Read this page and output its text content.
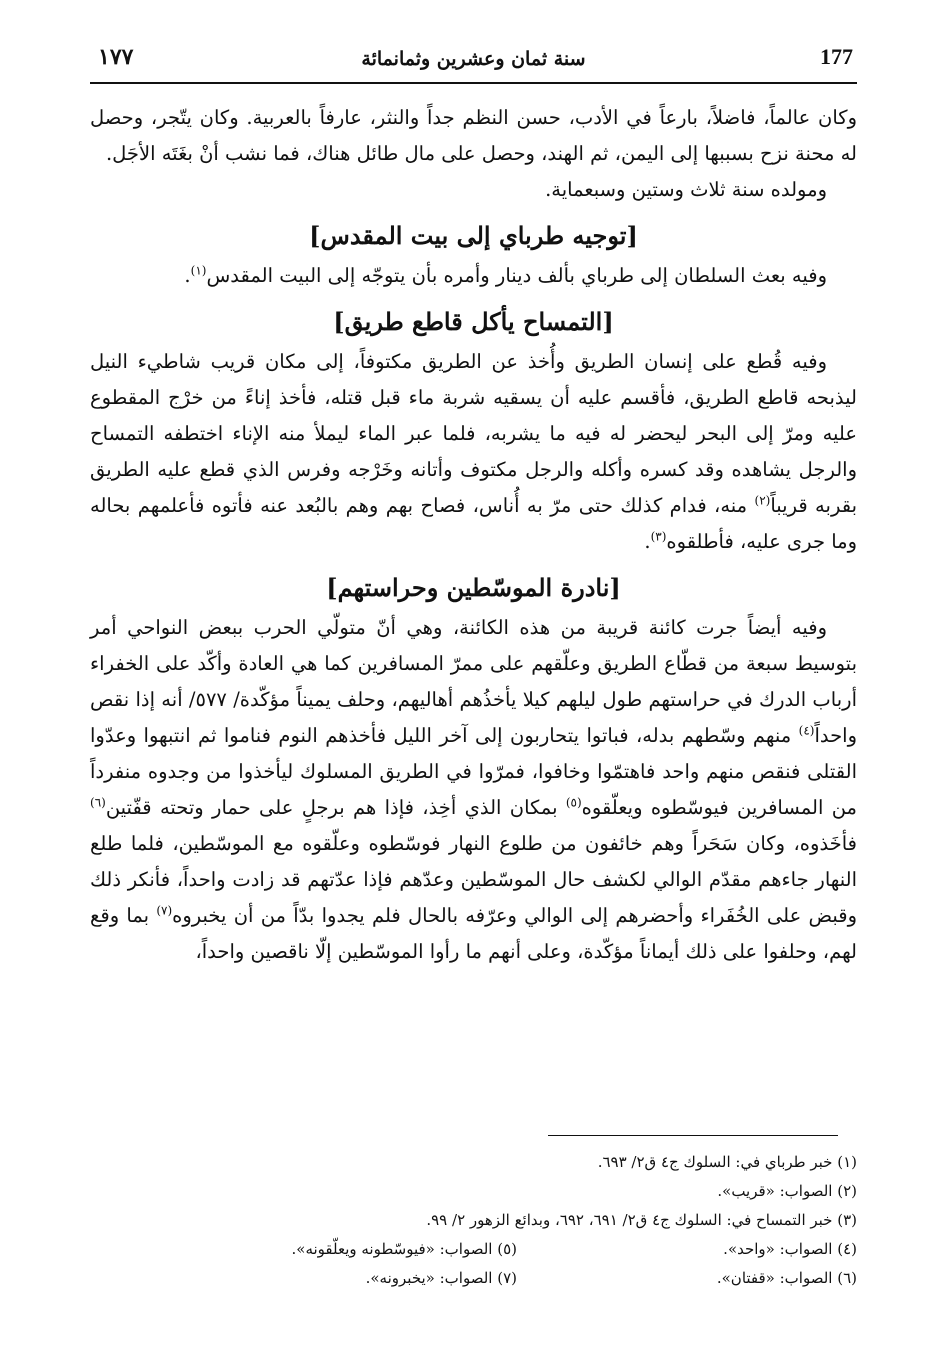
١٧٧	سنة ثمان وعشرين وثمانمائة	177

وكان عالماً، فاضلاً، بارعاً في الأدب، حسن النظم جداً والنثر، عارفاً بالعربية. وكان يتّجر، وحصل له محنة نزح بسببها إلى اليمن، ثم الهند، وحصل على مال طائل هناك، فما نشب أنْ بغَتَه الأجَل.

ومولده سنة ثلاث وستين وسبعماية.

[توجيه طرباي إلى بيت المقدس]

وفيه بعث السلطان إلى طرباي بألف دينار وأمره بأن يتوجّه إلى البيت المقدس$^{(١)}$.

[التمساح يأكل قاطع طريق]

وفيه قُطع على إنسان الطريق وأُخذ عن الطريق مكتوفاً، إلى مكان قريب شاطيء النيل ليذبحه قاطع الطريق، فأقسم عليه أن يسقيه شربة ماء قبل قتله، فأخذ إناءً من خرْج المقطوع عليه ومرّ إلى البحر ليحضر له فيه ما يشربه، فلما عبر الماء ليملأ منه الإناء اختطفه التمساح والرجل يشاهده وقد كسره وأكله والرجل مكتوف وأتانه وخَرْجه وفرس الذي قطع عليه الطريق بقربه قريباً$^{(٢)}$ منه، فدام كذلك حتى مرّ به أُناس، فصاح بهم وهم بالبُعد عنه فأتوه فأعلمهم بحاله وما جرى عليه، فأطلقوه$^{(٣)}$.

[نادرة الموسّطين وحراستهم]

وفيه أيضاً جرت كائنة قريبة من هذه الكائنة، وهي أنّ متولّي الحرب ببعض النواحي أمر بتوسيط سبعة من قطّاع الطريق وعلّقهم على ممرّ المسافرين كما هي العادة وأكّد على الخفراء أرباب الدرك في حراستهم طول ليلهم كيلا يأخذُهم أهاليهم، وحلف يميناً مؤكّدة/ ٥٧٧/ أنه إذا نقص واحداً$^{(٤)}$ منهم وسّطهم بدله، فباتوا يتحاربون إلى آخر الليل فأخذهم النوم فناموا ثم انتبهوا وعدّوا القتلى فنقص منهم واحد فاهتمّوا وخافوا، فمرّوا في الطريق المسلوك ليأخذوا من وجدوه منفرداً من المسافرين فيوسّطوه ويعلّقوه$^{(٥)}$ بمكان الذي أخِذ، فإذا هم برجلٍ على حمار وتحته قفّتين$^{(٦)}$ فأخَذوه، وكان سَحَراً وهم خائفون من طلوع النهار فوسّطوه وعلّقوه مع الموسّطين، فلما طلع النهار جاءهم مقدّم الوالي لكشف حال الموسّطين وعدّهم فإذا عدّتهم قد زادت واحداً، فأنكر ذلك وقبض على الخُفَراء وأحضرهم إلى الوالي وعرّفه بالحال فلم يجدوا بدّاً من أن يخبروه$^{(٧)}$ بما وقع لهم، وحلفوا على ذلك أيماناً مؤكّدة، وعلى أنهم ما رأوا الموسّطين إلّا ناقصين واحداً،

(١) خبر طرباي في: السلوك ج٤ ق٢/ ٦٩٣.
(٢) الصواب: «قريب».
(٣) خبر التمساح في: السلوك ج٤ ق٢/ ٦٩١، ٦٩٢، وبدائع الزهور ٢/ ٩٩.
(٤) الصواب: «واحد».
(٥) الصواب: «فيوسّطونه ويعلّقونه».
(٦) الصواب: «قفتان».
(٧) الصواب: «يخبرونه».
